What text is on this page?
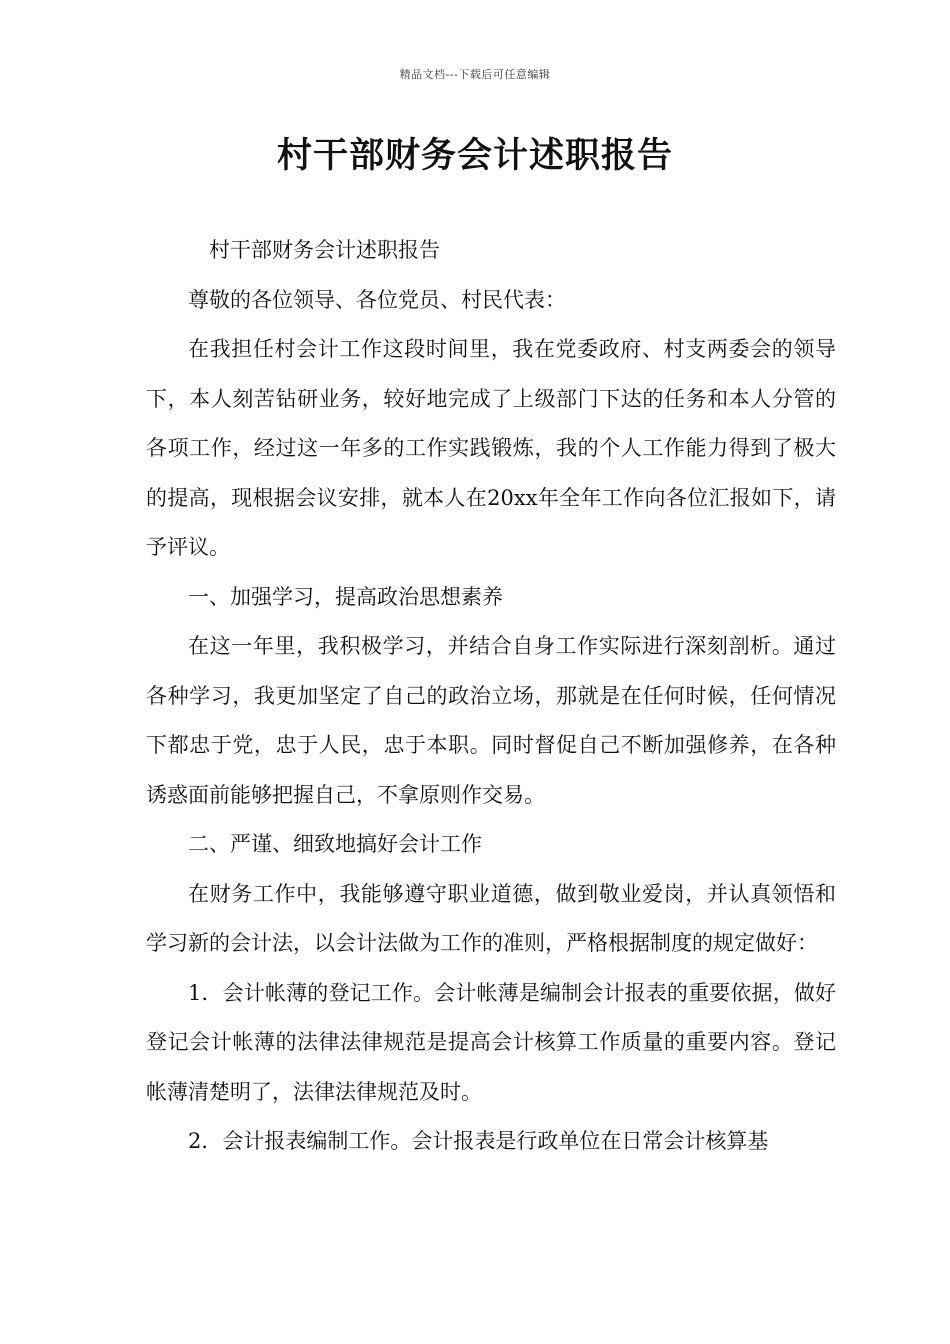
精品文档---下载后可任意编辑
村干部财务会计述职报告

村干部财务会计述职报告

尊敬的各位领导、各位党员、村民代表：

在我担任村会计工作这段时间里，我在党委政府、村支两委会的领导下，本人刻苦钻研业务，较好地完成了上级部门下达的任务和本人分管的各项工作，经过这一年多的工作实践锻炼，我的个人工作能力得到了极大的提高，现根据会议安排，就本人在20xx年全年工作向各位汇报如下，请予评议。

一、加强学习，提高政治思想素养

在这一年里，我积极学习，并结合自身工作实际进行深刻剖析。通过各种学习，我更加坚定了自己的政治立场，那就是在任何时候，任何情况下都忠于党，忠于人民，忠于本职。同时督促自己不断加强修养，在各种诱惑面前能够把握自己，不拿原则作交易。

二、严谨、细致地搞好会计工作

在财务工作中，我能够遵守职业道德，做到敬业爱岗，并认真领悟和学习新的会计法，以会计法做为工作的准则，严格根据制度的规定做好：

1．会计帐薄的登记工作。会计帐薄是编制会计报表的重要依据，做好登记会计帐薄的法律法律规范是提高会计核算工作质量的重要内容。登记帐薄清楚明了，法律法律规范及时。

2．会计报表编制工作。会计报表是行政单位在日常会计核算基
